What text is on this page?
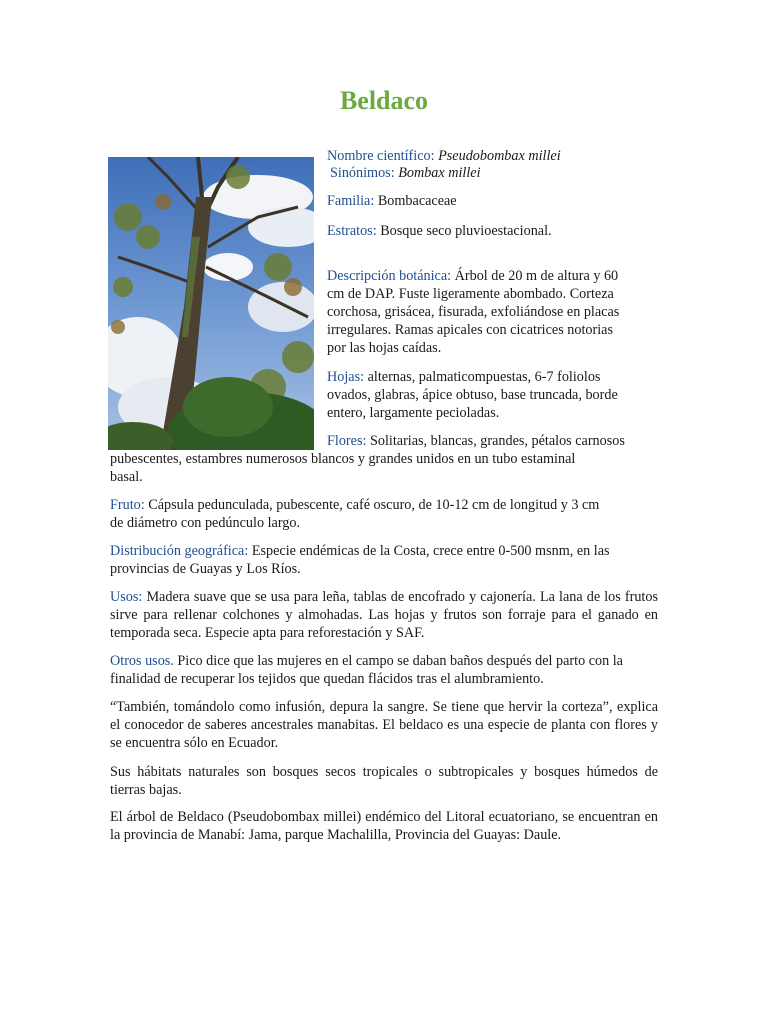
Beldaco
Nombre científico: Pseudobombax millei
Sinónimos: Bombax millei
Familia: Bombacaceae
Estratos: Bosque seco pluvioestacional.
Descripción botánica: Árbol de 20 m de altura y 60
cm de DAP. Fuste ligeramente abombado. Corteza
corchosa, grisácea, fisurada, exfoliándose en placas
irregulares. Ramas apicales con cicatrices notorias
por las hojas caídas.
Hojas: alternas, palmaticompuestas, 6-7 foliolos
ovados, glabras, ápice obtuso, base truncada, borde
entero, largamente pecioladas.
Flores: Solitarias, blancas, grandes, pétalos carnosos
pubescentes, estambres numerosos blancos y grandes unidos en un tubo estaminal
basal.
Fruto: Cápsula pedunculada, pubescente, café oscuro, de 10-12 cm de longitud y 3 cm
de diámetro con pedúnculo largo.
Distribución geográfica: Especie endémicas de la Costa, crece entre 0-500 msnm, en las
provincias de Guayas y Los Ríos.
Usos: Madera suave que se usa para leña, tablas de encofrado y cajonería. La lana de los frutos sirve para rellenar colchones y almohadas. Las hojas y frutos son forraje para el ganado en temporada seca. Especie apta para reforestación y SAF.
Otros usos. Pico dice que las mujeres en el campo se daban baños después del parto con la finalidad de recuperar los tejidos que quedan flácidos tras el alumbramiento.
“También, tomándolo como infusión, depura la sangre. Se tiene que hervir la corteza”, explica el conocedor de saberes ancestrales manabitas. El beldaco es una especie de planta con flores y se encuentra sólo en Ecuador.
Sus hábitats naturales son bosques secos tropicales o subtropicales y bosques húmedos de tierras bajas.
El árbol de Beldaco (Pseudobombax millei) endémico del Litoral ecuatoriano, se encuentran en la provincia de Manabí: Jama, parque Machalilla, Provincia del Guayas: Daule.
